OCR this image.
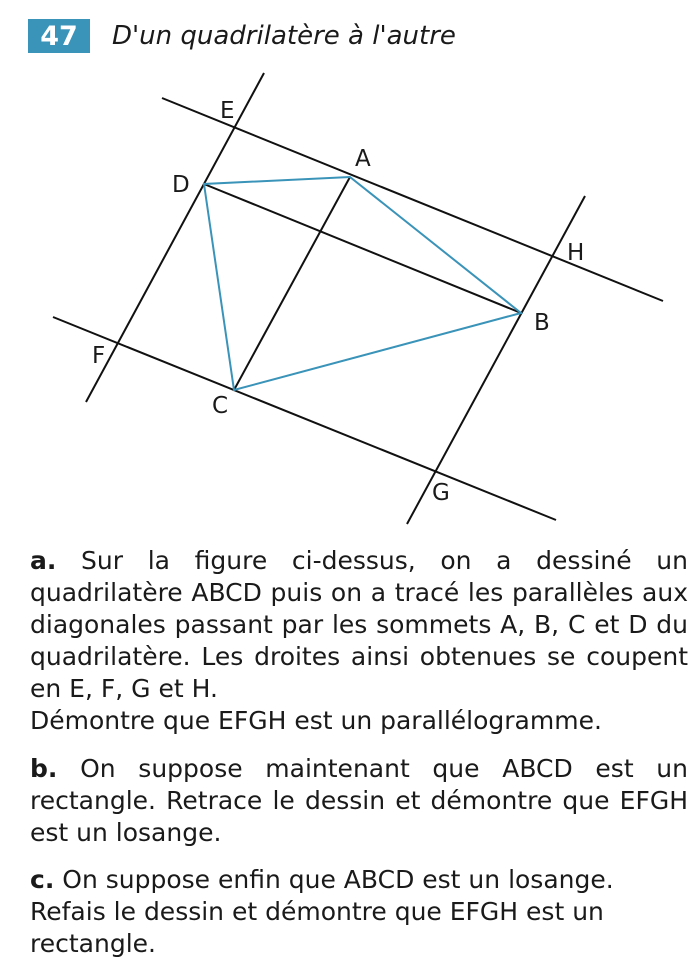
47	D'un quadrilatère à l'autre
E
A
D
H
B
F
C
G

a. Sur la figure ci-dessus, on a dessiné un quadrilatère ABCD puis on a tracé les parallèles aux diagonales passant par les sommets A, B, C et D du quadrilatère. Les droites ainsi obtenues se coupent en E, F, G et H.

Démontre que EFGH est un parallélogramme.

b. On suppose maintenant que ABCD est un rectangle. Retrace le dessin et démontre que EFGH est un losange.

c. On suppose enfin que ABCD est un losange. Refais le dessin et démontre que EFGH est un rectangle.
